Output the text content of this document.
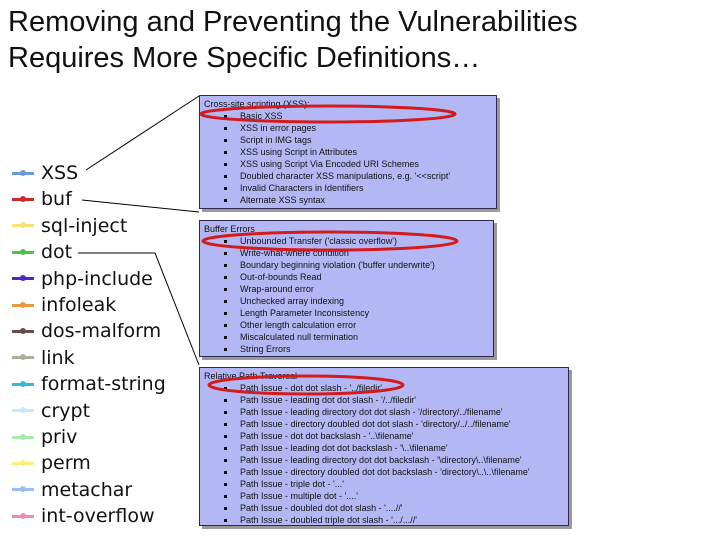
Removing and Preventing the Vulnerabilities
Requires More Specific Definitions…
XSS
buf
sql-inject
dot
php-include
infoleak
dos-malform
link
format-string
crypt
priv
perm
metachar
int-overflow
Cross-site scripting (XSS):
Basic XSS
XSS in error pages
Script in IMG tags
XSS using Script in Attributes
XSS using Script Via Encoded URI Schemes
Doubled character XSS manipulations, e.g. '<<script'
Invalid Characters in Identifiers
Alternate XSS syntax
Buffer Errors
Unbounded Transfer ('classic overflow')
Write-what-where condition
Boundary beginning violation ('buffer underwrite')
Out-of-bounds Read
Wrap-around error
Unchecked array indexing
Length Parameter Inconsistency
Other length calculation error
Miscalculated null termination
String Errors
Relative Path Traversal
Path Issue - dot dot slash - '../filedir'
Path Issue - leading dot dot slash - '/../filedir'
Path Issue - leading directory dot dot slash - '/directory/../filename'
Path Issue - directory doubled dot dot slash - 'directory/../../filename'
Path Issue - dot dot backslash - '..\filename'
Path Issue - leading dot dot backslash - '\..\filename'
Path Issue - leading directory dot dot backslash - '\directory\..\filename'
Path Issue - directory doubled dot dot backslash - 'directory\..\..\filename'
Path Issue - triple dot - '...'
Path Issue - multiple dot - '....'
Path Issue - doubled dot dot slash - '....//'
Path Issue - doubled triple dot slash - '.../...//'
